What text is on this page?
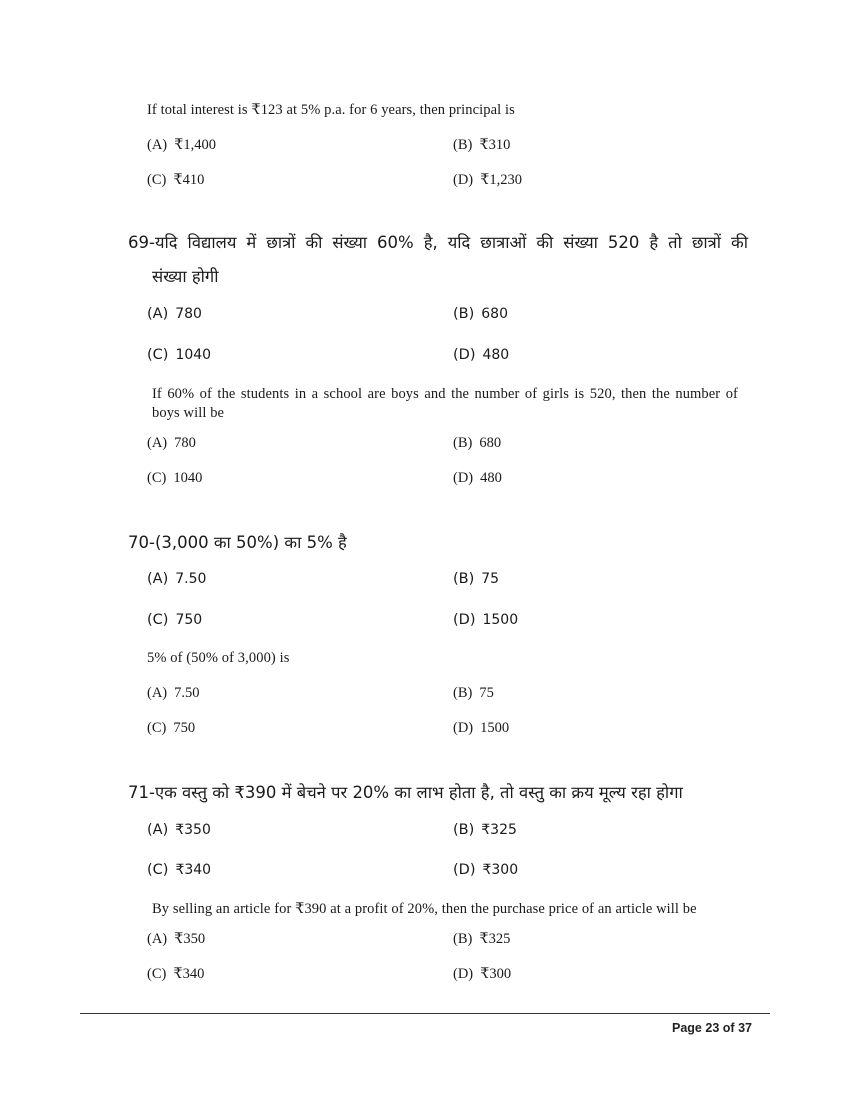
If total interest is ₹123 at 5% p.a. for 6 years, then principal is
(A) ₹1,400	(B) ₹310
(C) ₹410	(D) ₹1,230
69-यदि विद्यालय में छात्रों की संख्या 60% है, यदि छात्राओं की संख्या 520 है तो छात्रों की
संख्या होगी
(A) 780	(B) 680
(C) 1040	(D) 480
If 60% of the students in a school are boys and the number of girls is 520, then the number of
boys will be
(A) 780	(B) 680
(C) 1040	(D) 480
70-(3,000 का 50%) का 5% है
(A) 7.50	(B) 75
(C) 750	(D) 1500
5% of (50% of 3,000) is
(A) 7.50	(B) 75
(C) 750	(D) 1500
71-एक वस्तु को ₹390 में बेचने पर 20% का लाभ होता है, तो वस्तु का क्रय मूल्य रहा होगा
(A) ₹350	(B) ₹325
(C) ₹340	(D) ₹300
By selling an article for ₹390 at a profit of 20%, then the purchase price of an article will be
(A) ₹350	(B) ₹325
(C) ₹340	(D) ₹300
Page 23 of 37
